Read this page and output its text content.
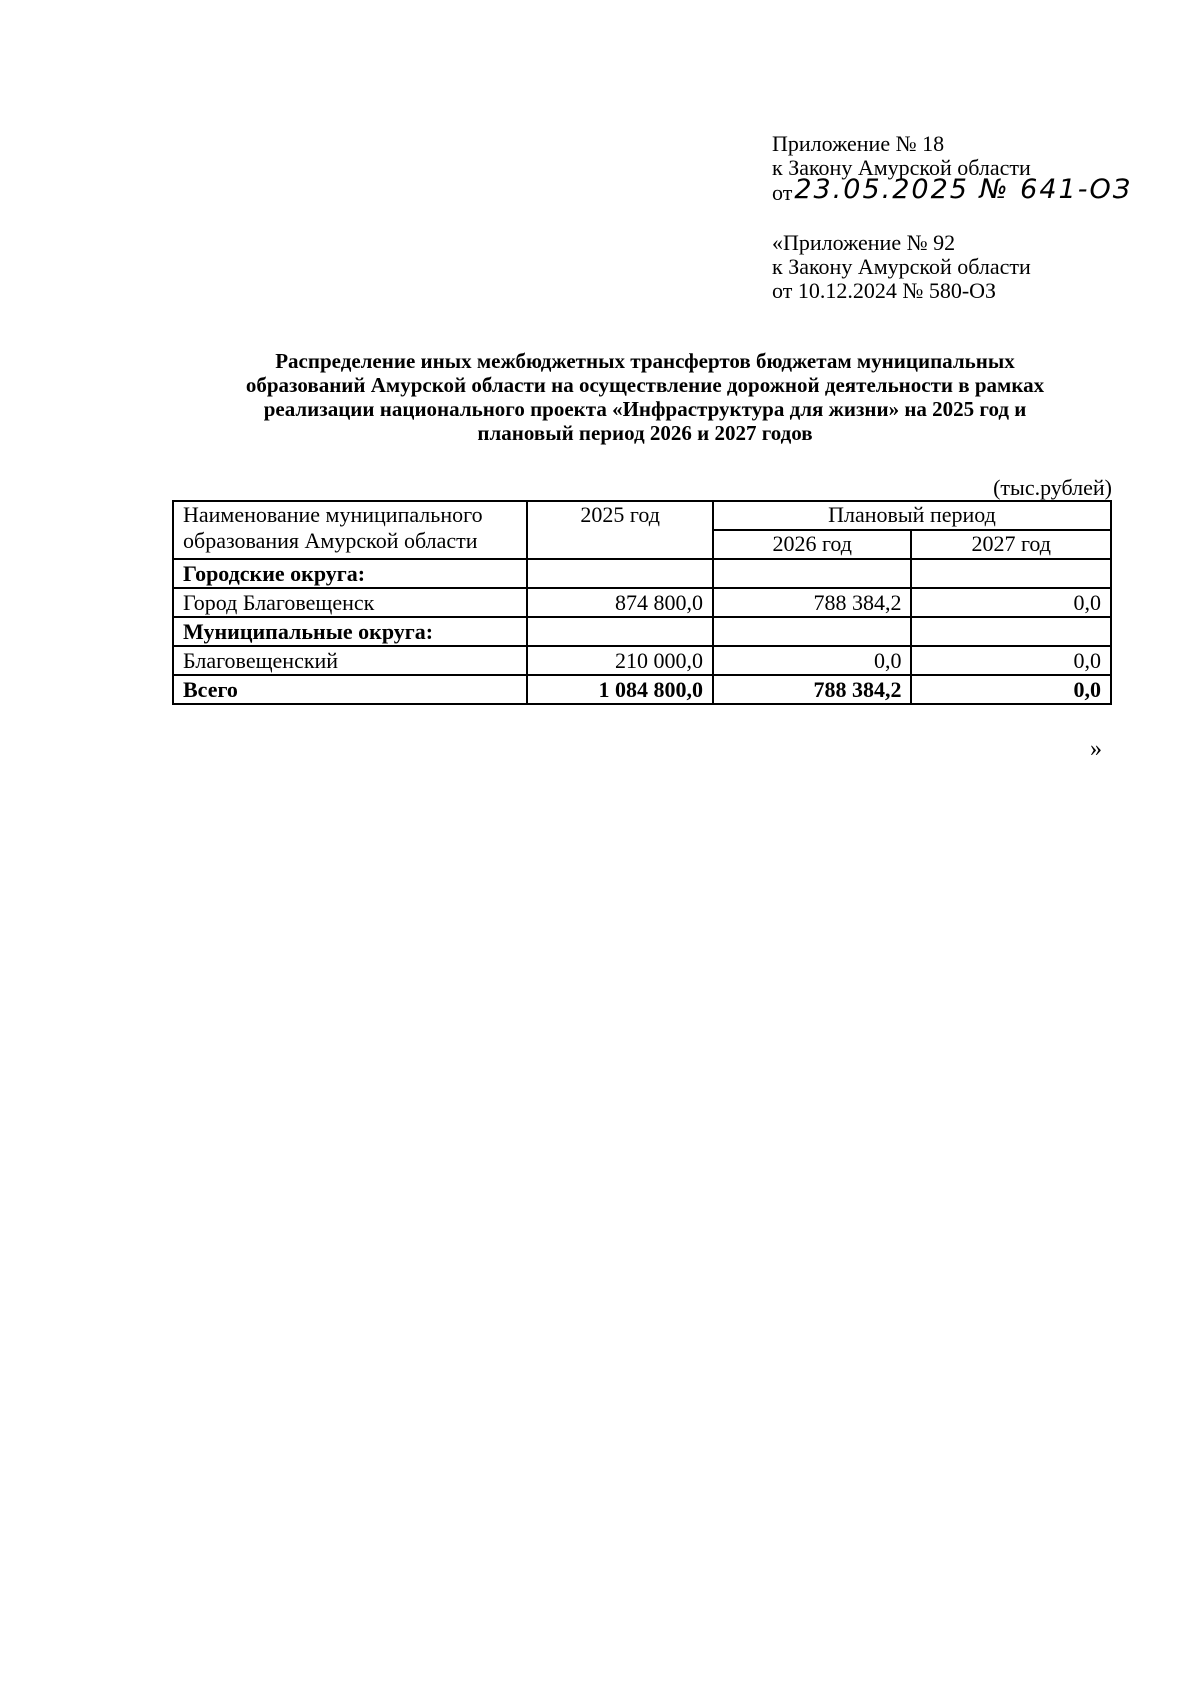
Приложение № 18
к Закону Амурской области
от23.05.2025 № 641-ОЗ
«Приложение № 92
к Закону Амурской области
от 10.12.2024 № 580-ОЗ
Распределение иных межбюджетных трансфертов бюджетам муниципальных
образований Амурской области на осуществление дорожной деятельности в рамках
реализации национального проекта «Инфраструктура для жизни» на 2025 год и
плановый период 2026 и 2027 годов
(тыс.рублей)
Наименование муниципального
образования Амурской области	2025 год	Плановый период	
		2026 год	2027 год
Городские округа:			
Город Благовещенск	874 800,0	788 384,2	0,0
Муниципальные округа:			
Благовещенский	210 000,0	0,0	0,0
Всего	1 084 800,0	788 384,2	0,0
»
